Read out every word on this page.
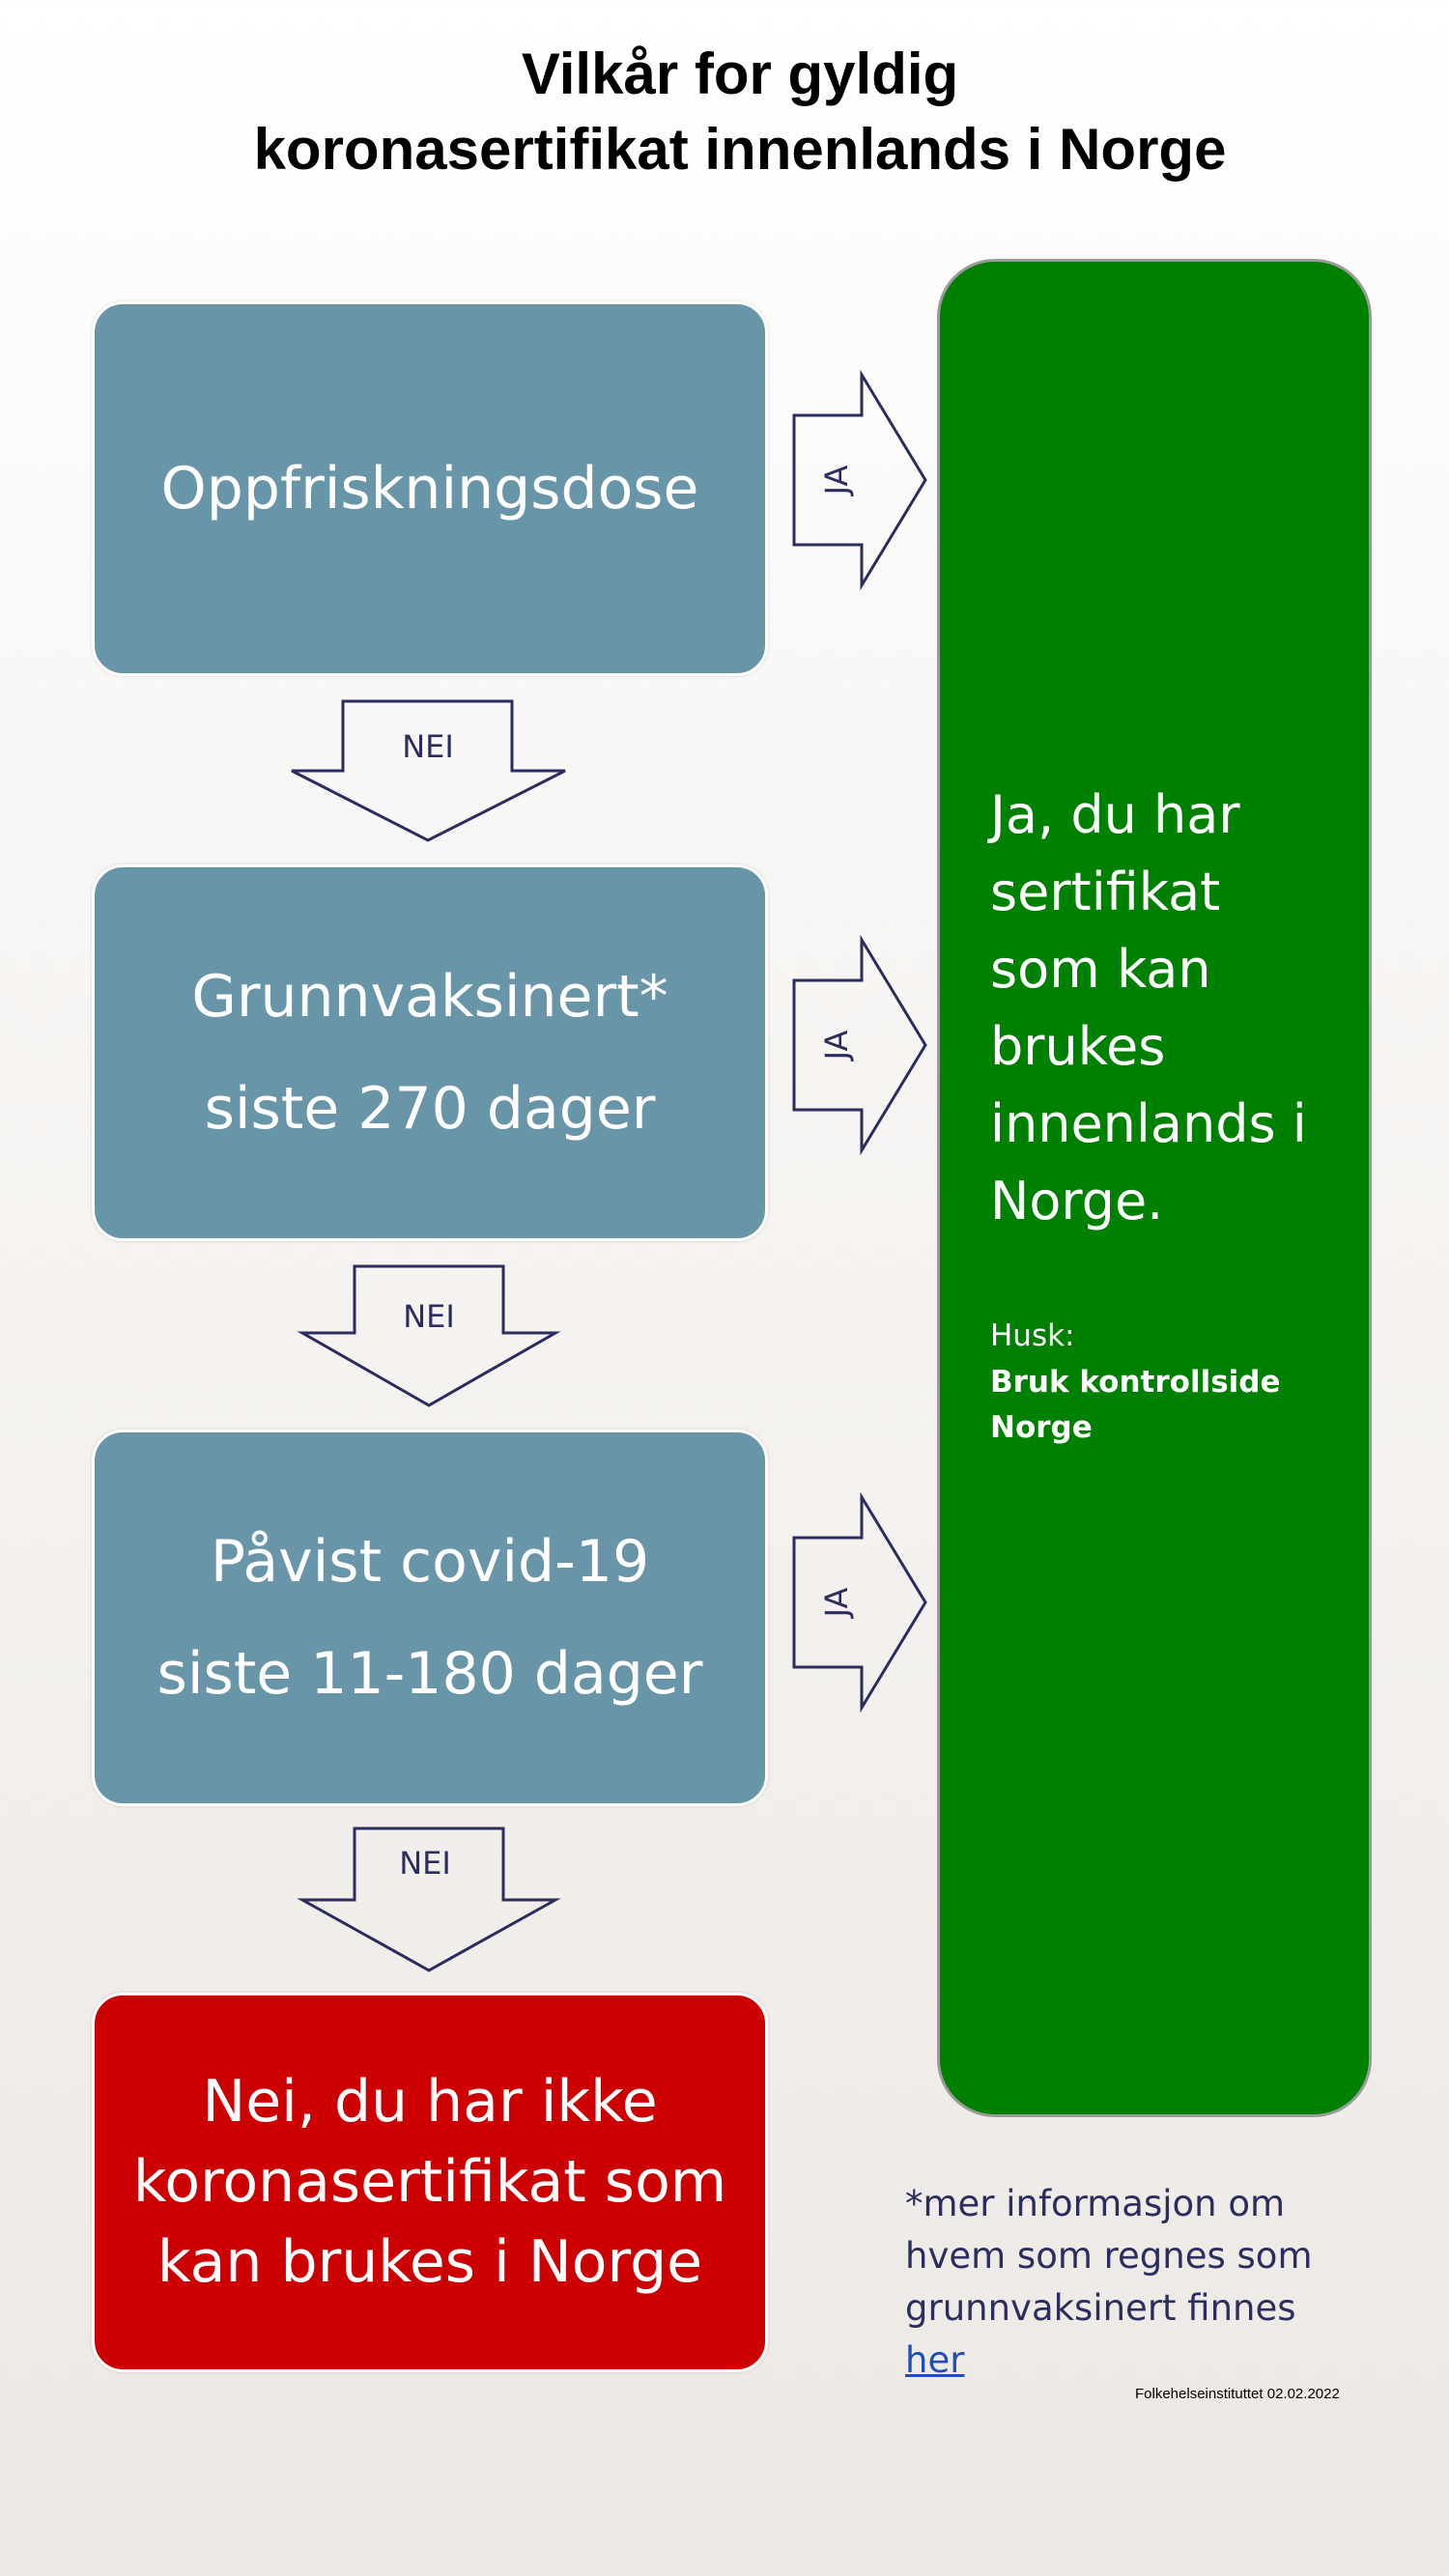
Vilkår for gyldig
koronasertifikat innenlands i Norge
Oppfriskningsdose
Grunnvaksinert*
siste 270 dager
Påvist covid-19
siste 11-180 dager
Nei, du har ikke
koronasertifikat som
kan brukes i Norge

Ja, du har
sertifikat
som kan
brukes
innenlands i
Norge.

Husk:
Bruk kontrollside
Norge
JA
JA
JA
NEI
NEI
NEI
*mer informasjon om
hvem som regnes som
grunnvaksinert finnes
her
Folkehelseinstituttet 02.02.2022
